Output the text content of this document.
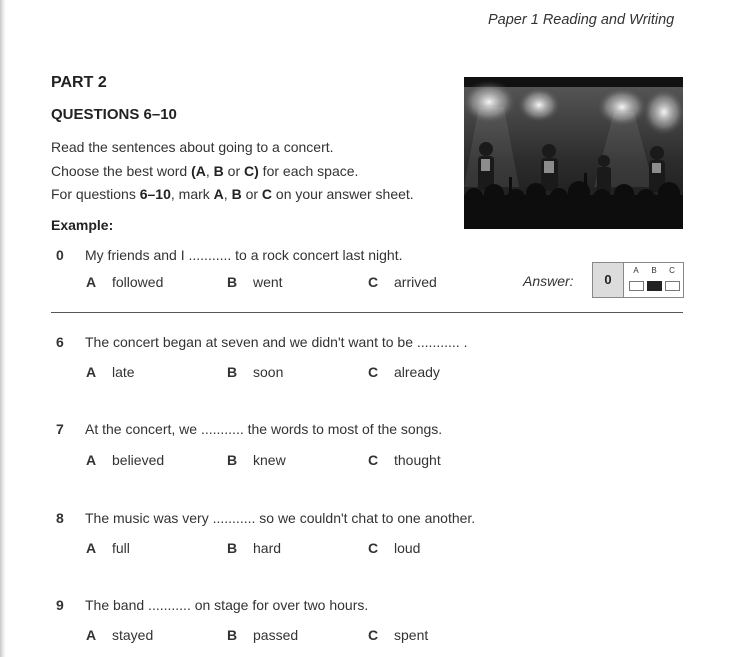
Paper 1 Reading and Writing
PART 2
QUESTIONS 6–10
Read the sentences about going to a concert.
Choose the best word (A, B or C) for each space.
For questions 6–10, mark A, B or C on your answer sheet.
Example:
0 My friends and I ........... to a rock concert last night.
A followed	B went	C arrived	Answer:	0
A	B	C
6 The concert began at seven and we didn't want to be ........... .
A late	B soon	C already
7 At the concert, we ........... the words to most of the songs.
A believed	B knew	C thought
8 The music was very ........... so we couldn't chat to one another.
A full	B hard	C loud
9 The band ........... on stage for over two hours.
A stayed	B passed	C spent
